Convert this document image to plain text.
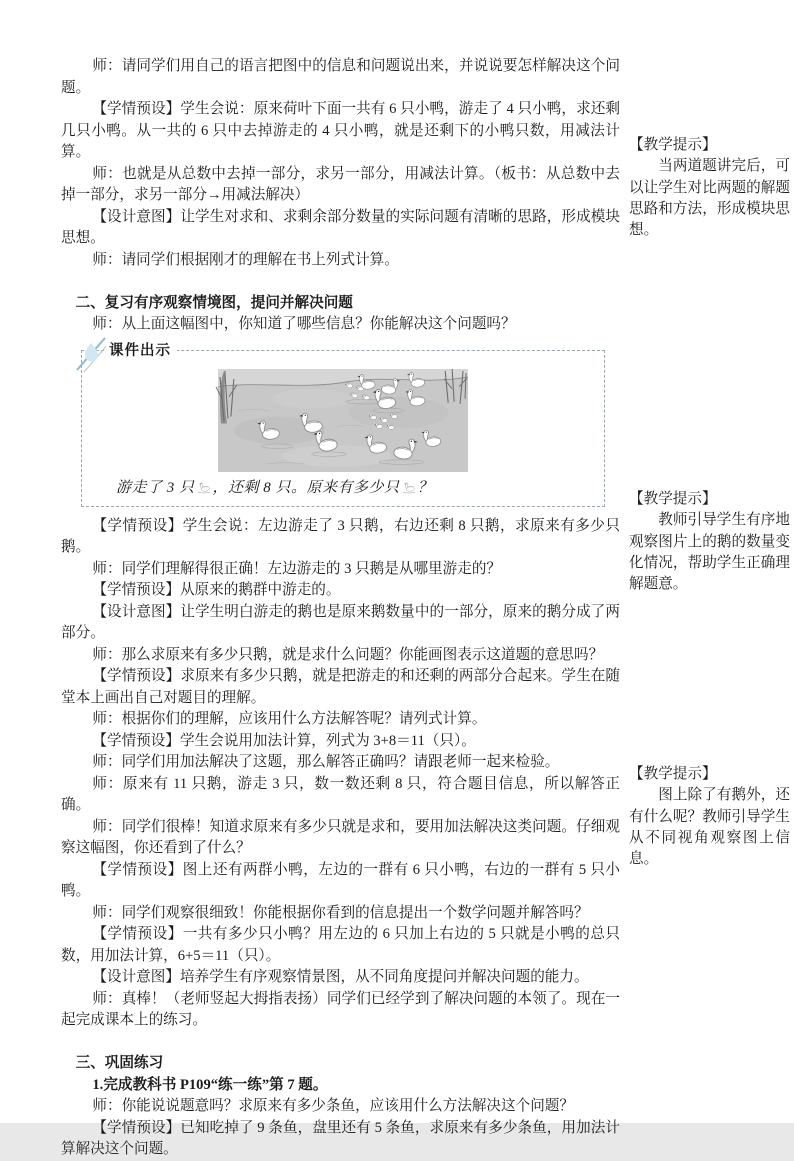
师：请同学们用自己的语言把图中的信息和问题说出来，并说说要怎样解决这个问题。

【学情预设】学生会说：原来荷叶下面一共有 6 只小鸭，游走了 4 只小鸭，求还剩几只小鸭。从一共的 6 只中去掉游走的 4 只小鸭，就是还剩下的小鸭只数，用减法计算。

师：也就是从总数中去掉一部分，求另一部分，用减法计算。（板书：从总数中去掉一部分，求另一部分→用减法解决）

【设计意图】让学生对求和、求剩余部分数量的实际问题有清晰的思路，形成模块思想。

师：请同学们根据刚才的理解在书上列式计算。

二、复习有序观察情境图，提问并解决问题

师：从上面这幅图中，你知道了哪些信息？你能解决这个问题吗？

课件出示
游走了 3 只 ，还剩 8 只。原来有多少只 ？

【学情预设】学生会说：左边游走了 3 只鹅，右边还剩 8 只鹅，求原来有多少只鹅。

师：同学们理解得很正确！左边游走的 3 只鹅是从哪里游走的？

【学情预设】从原来的鹅群中游走的。

【设计意图】让学生明白游走的鹅也是原来鹅数量中的一部分，原来的鹅分成了两部分。

师：那么求原来有多少只鹅，就是求什么问题？你能画图表示这道题的意思吗？

【学情预设】求原来有多少只鹅，就是把游走的和还剩的两部分合起来。学生在随堂本上画出自己对题目的理解。

师：根据你们的理解，应该用什么方法解答呢？请列式计算。

【学情预设】学生会说用加法计算，列式为 3+8＝11（只）。

师：同学们用加法解决了这题，那么解答正确吗？请跟老师一起来检验。

师：原来有 11 只鹅，游走 3 只，数一数还剩 8 只，符合题目信息，所以解答正确。

师：同学们很棒！知道求原来有多少只就是求和，要用加法解决这类问题。仔细观察这幅图，你还看到了什么？

【学情预设】图上还有两群小鸭，左边的一群有 6 只小鸭，右边的一群有 5 只小鸭。

师：同学们观察很细致！你能根据你看到的信息提出一个数学问题并解答吗？

【学情预设】一共有多少只小鸭？用左边的 6 只加上右边的 5 只就是小鸭的总只数，用加法计算，6+5＝11（只）。

【设计意图】培养学生有序观察情景图，从不同角度提问并解决问题的能力。

师：真棒！（老师竖起大拇指表扬）同学们已经学到了解决问题的本领了。现在一起完成课本上的练习。

三、巩固练习

1.完成教科书 P109“练一练”第 7 题。

师：你能说说题意吗？求原来有多少条鱼，应该用什么方法解决这个问题？

【学情预设】已知吃掉了 9 条鱼，盘里还有 5 条鱼，求原来有多少条鱼，用加法计算解决这个问题。

【教学提示】

当两道题讲完后，可以让学生对比两题的解题思路和方法，形成模块思想。

【教学提示】

教师引导学生有序地观察图片上的鹅的数量变化情况，帮助学生正确理解题意。

【教学提示】

图上除了有鹅外，还有什么呢？教师引导学生从不同视角观察图上信息。
